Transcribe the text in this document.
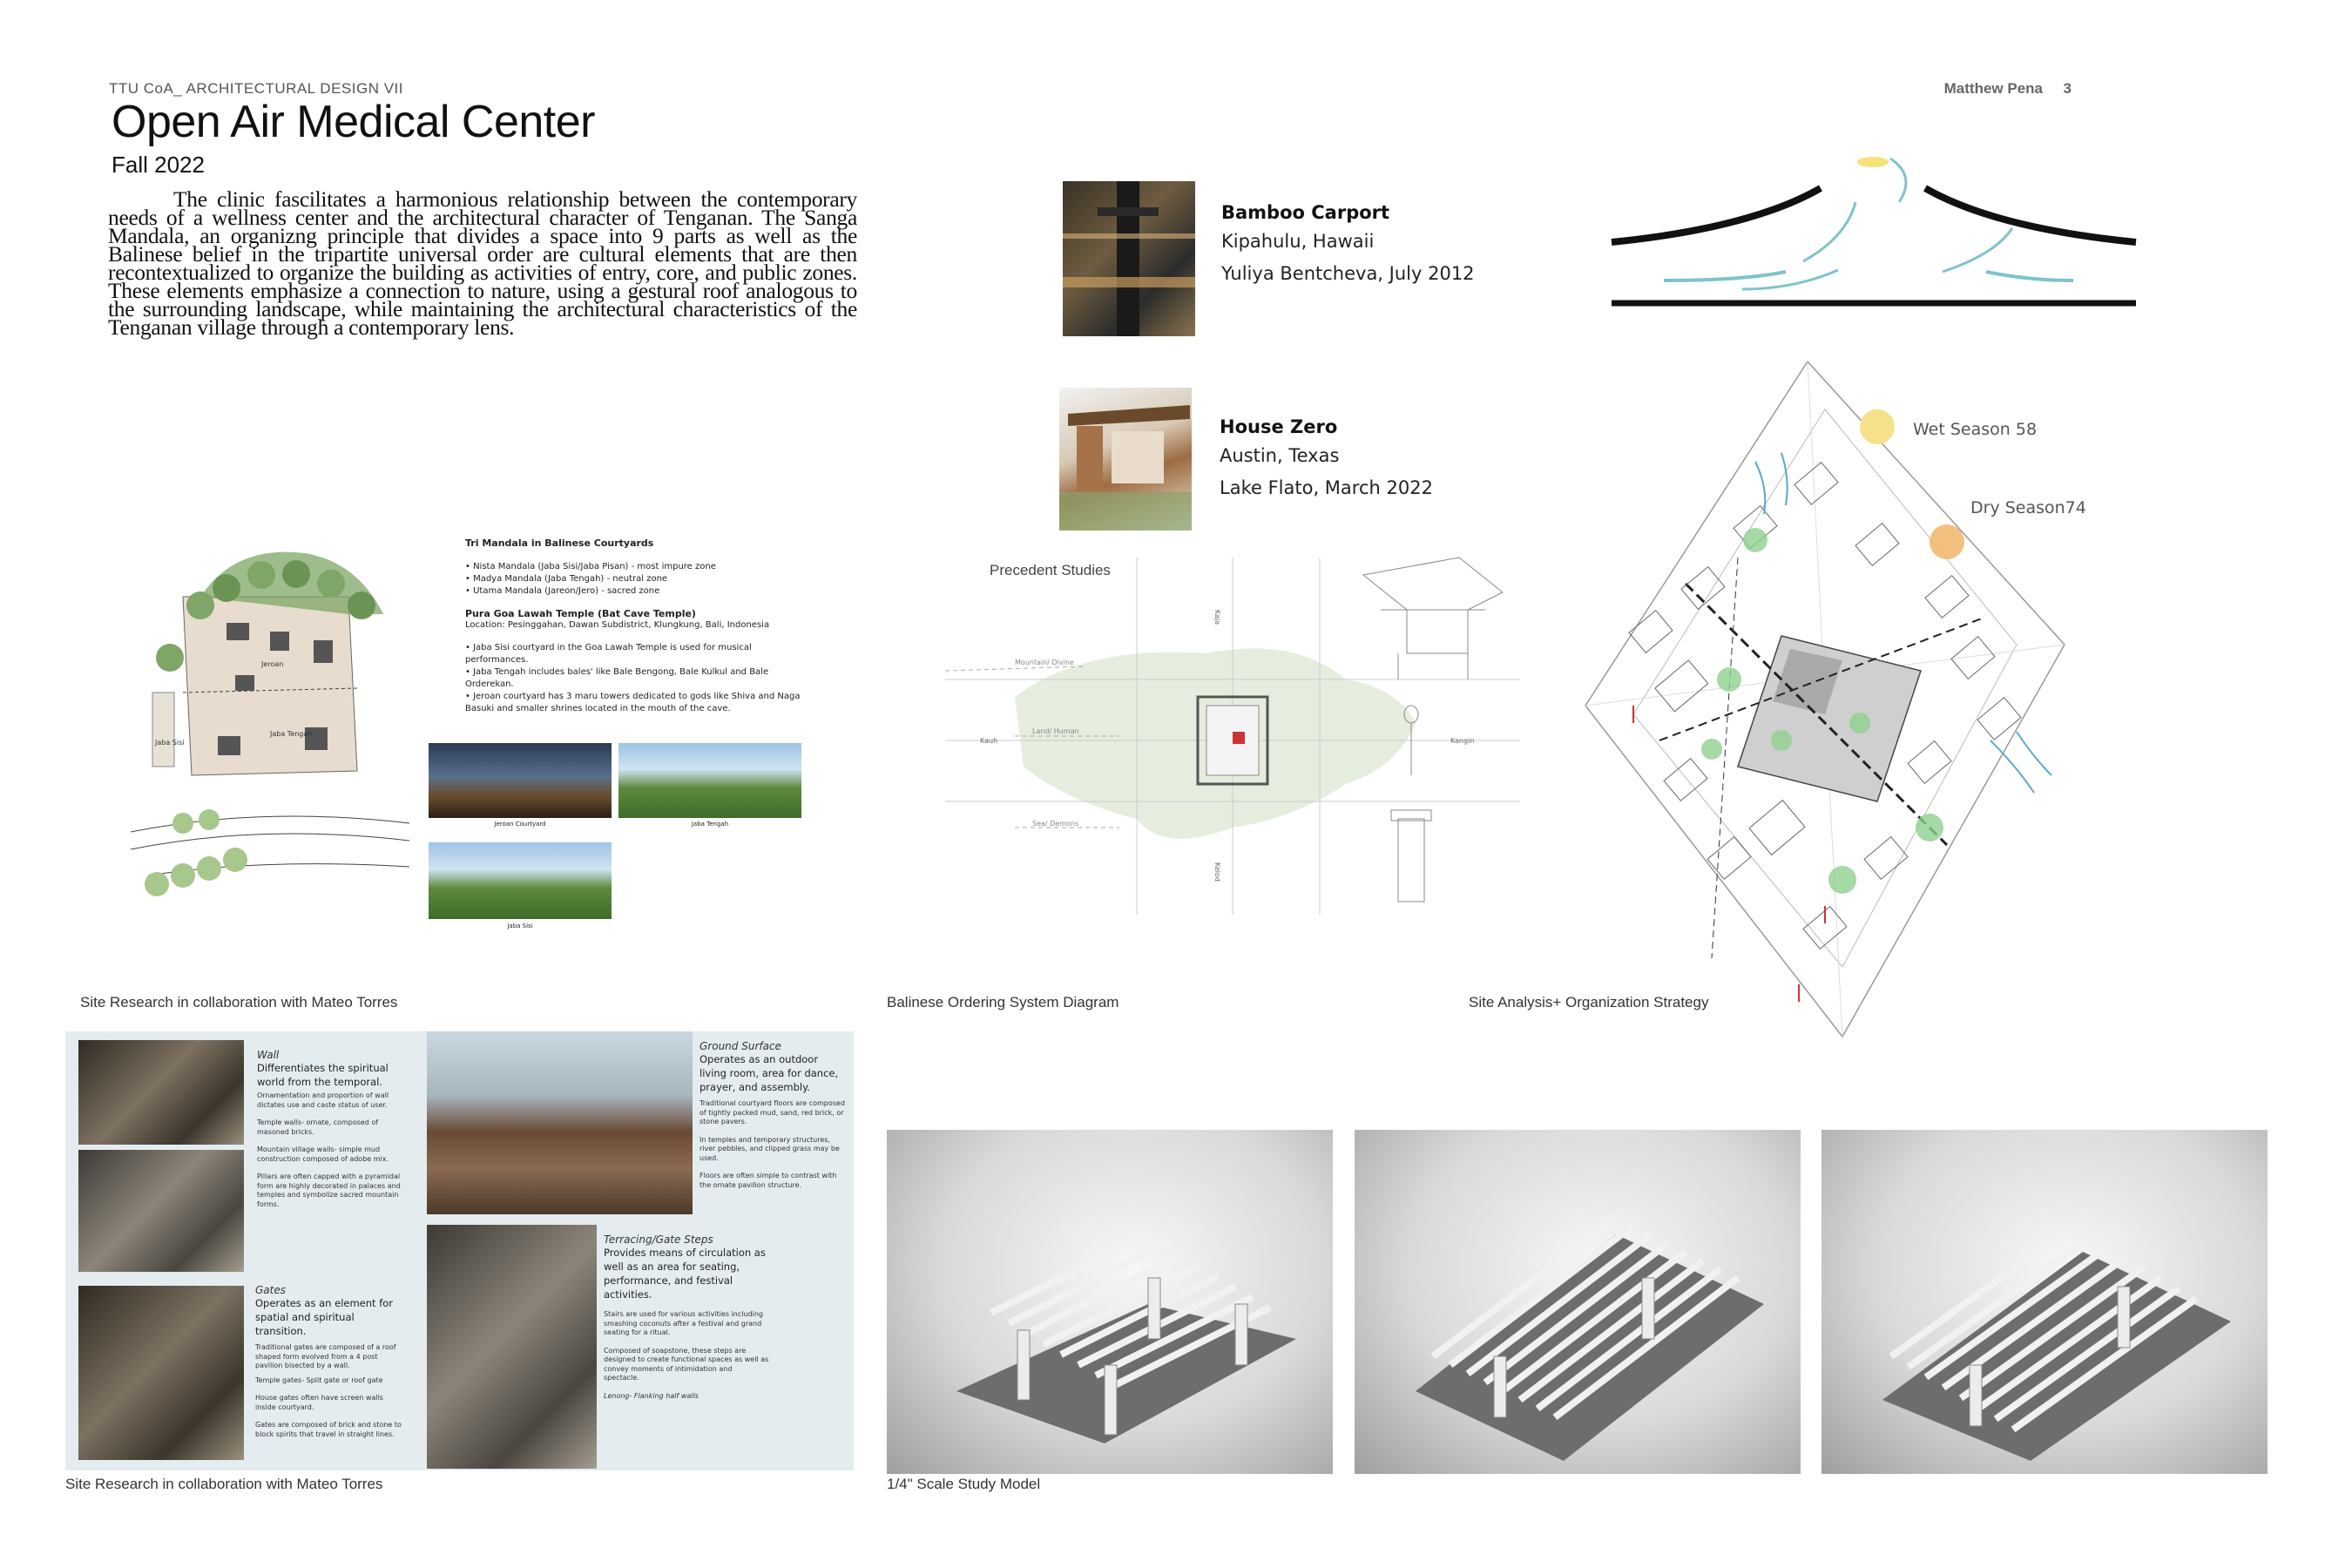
TTU CoA_ ARCHITECTURAL DESIGN VII
Open Air Medical Center
Fall 2022
Matthew Pena 3
The clinic fascilitates a harmonious relationship between the contemporary needs of a wellness center and the architectural character of Tenganan. The Sanga Mandala, an organizng principle that divides a space into 9 parts as well as the Balinese belief in the tripartite universal order are cultural elements that are then recontextualized to organize the building as activities of entry, core, and public zones. These elements emphasize a connection to nature, using a gestural roof analogous to the surrounding landscape, while maintaining the architectural characteristics of the Tenganan village through a contemporary lens.
Bamboo Carport
Kipahulu, Hawaii
Yuliya Bentcheva, July 2012
House Zero
Austin, Texas
Lake Flato, March 2022
Jeroan
Jaba Tengah
Jaba Sisi
Tri Mandala in Balinese Courtyards
• Nista Mandala (Jaba Sisi/Jaba Pisan) - most impure zone
• Madya Mandala (Jaba Tengah) - neutral zone
• Utama Mandala (Jareon/Jero) - sacred zone
Pura Goa Lawah Temple (Bat Cave Temple)
Location: Pesinggahan, Dawan Subdistrict, Klungkung, Bali, Indonesia
• Jaba Sisi courtyard in the Goa Lawah Temple is used for musical performances.
• Jaba Tengah includes bales' like Bale Bengong, Bale Kulkul and Bale Orderekan.
• Jeroan courtyard has 3 maru towers dedicated to gods like Shiva and Naga Basuki and smaller shrines located in the mouth of the cave.
Jeroan Courtyard	Jaba Tengah
Jaba Sisi
Precedent Studies
Kaja
Kelod
Kauh	Kangin
Mountain/ Divine
Land/ Human
Sea/ Demons
Wet Season 58
Dry Season74
Site Research in collaboration with Mateo Torres	Balinese Ordering System Diagram	Site Analysis+ Organization Strategy
Wall
Differentiates the spiritual world from the temporal.
Ornamentation and proportion of wall dictates use and caste status of user.
Temple walls- ornate, composed of masoned bricks.
Mountain village walls- simple mud construction composed of adobe mix.
Pillars are often capped with a pyramidal form are highly decorated in palaces and temples and symbolize sacred mountain forms.
Gates
Operates as an element for spatial and spiritual transition.
Traditional gates are composed of a roof shaped form evolved from a 4 post pavilion bisected by a wall.
Temple gates- Split gate or roof gate
House gates often have screen walls inside courtyard.
Gates are composed of brick and stone to block spirits that travel in straight lines.
Ground Surface
Operates as an outdoor living room, area for dance, prayer, and assembly.
Traditional courtyard floors are composed of tightly packed mud, sand, red brick, or stone pavers.
In temples and temporary structures, river pebbles, and clipped grass may be used.
Floors are often simple to contrast with the ornate pavilion structure.
Terracing/Gate Steps
Provides means of circulation as well as an area for seating, performance, and festival activities.
Stairs are used for various activities including smashing coconuts after a festival and grand seating for a ritual.
Composed of soapstone, these steps are designed to create functional spaces as well as convey moments of intimidation and spectacle.
Lenong- Flanking half walls
Site Research in collaboration with Mateo Torres	1/4" Scale Study Model
